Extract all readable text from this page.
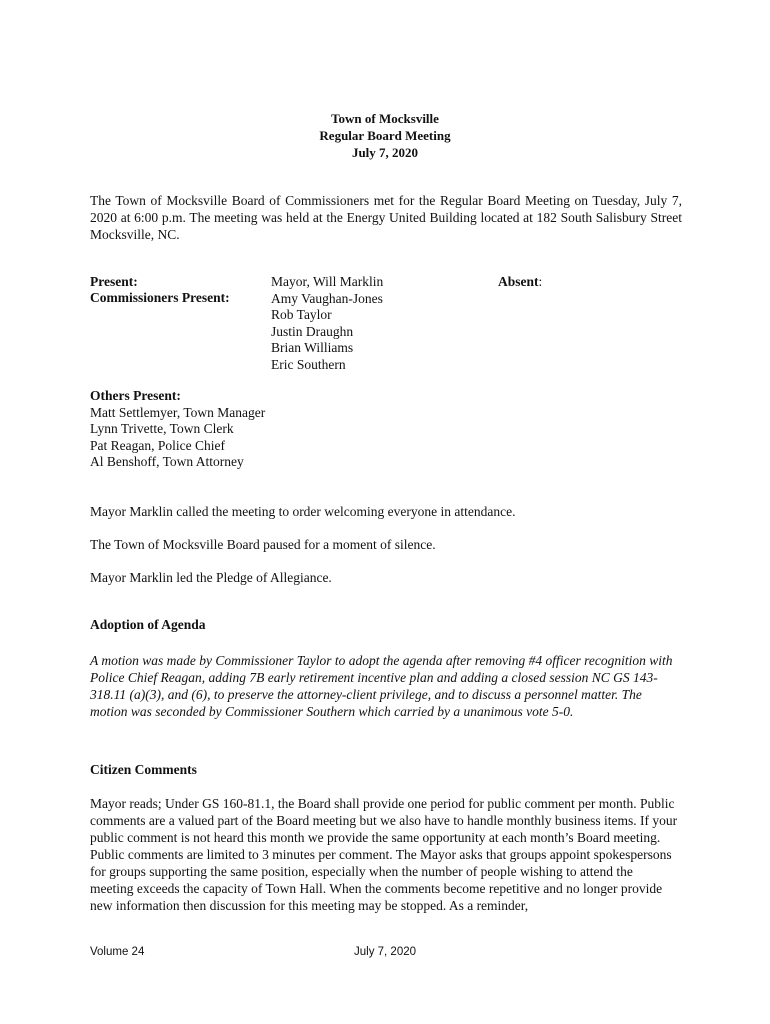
Town of Mocksville
Regular Board Meeting
July 7, 2020
The Town of Mocksville Board of Commissioners met for the Regular Board Meeting on Tuesday, July 7, 2020 at 6:00 p.m. The meeting was held at the Energy United Building located at 182 South Salisbury Street Mocksville, NC.
Present:
Commissioners Present:
Mayor, Will Marklin
Amy Vaughan-Jones
Rob Taylor
Justin Draughn
Brian Williams
Eric Southern
Absent:
Others Present:
Matt Settlemyer, Town Manager
Lynn Trivette, Town Clerk
Pat Reagan, Police Chief
Al Benshoff, Town Attorney
Mayor Marklin called the meeting to order welcoming everyone in attendance.
The Town of Mocksville Board paused for a moment of silence.
Mayor Marklin led the Pledge of Allegiance.
Adoption of Agenda
A motion was made by Commissioner Taylor to adopt the agenda after removing #4 officer recognition with Police Chief Reagan, adding 7B early retirement incentive plan and adding a closed session NC GS 143-318.11 (a)(3), and (6), to preserve the attorney-client privilege, and to discuss a personnel matter. The motion was seconded by Commissioner Southern which carried by a unanimous vote 5-0.
Citizen Comments
Mayor reads; Under GS 160-81.1, the Board shall provide one period for public comment per month. Public comments are a valued part of the Board meeting but we also have to handle monthly business items. If your public comment is not heard this month we provide the same opportunity at each month’s Board meeting. Public comments are limited to 3 minutes per comment. The Mayor asks that groups appoint spokespersons for groups supporting the same position, especially when the number of people wishing to attend the meeting exceeds the capacity of Town Hall. When the comments become repetitive and no longer provide new information then discussion for this meeting may be stopped. As a reminder,
Volume 24	July 7, 2020
